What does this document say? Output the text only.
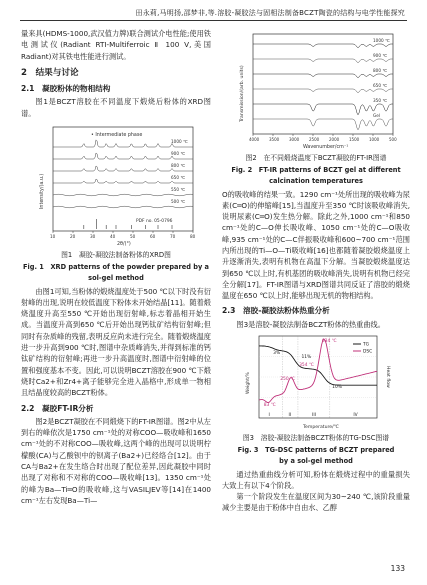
田永莉,马明扬,邵梦非,等.溶胶-凝胶法与固相法制备BCZT陶瓷的结构与电学性能探究

量来具(HDMS-1000,武汉值力牌)联合测试介电性能;使用铁电测试仪(Radiant RTI-Multiferroic Ⅱ 100 V,美国Radiant)对其铁电性能进行测试。

2　结果与讨论
2.1　凝胶粉体的物相结构

图1是BCZT溶胶在不同温度下煅烧后粉体的XRD图谱。

• Intermediate phase
1000 ℃
900 ℃
800 ℃
650 ℃
550 ℃
500 ℃
PDF no. 05-0796
Intensity/(a.u.)
2θ/(°)
10	20	30	40	50	60	70	80
图1　凝胶-凝胶法制备粉体的XRD图
Fig. 1　XRD patterns of the powder prepared by a
sol-gel method

由图1可知,当粉体的煅烧温度处于500 ℃以下时没有衍射峰的出现,说明在较低温度下粉体未开始结晶[11]。随着煅烧温度升高至550 ℃开始出现衍射峰,标志着晶相开始生成。当温度升高到650 ℃后开始出现钙钛矿结构衍射峰;但同时有杂质峰的残留,表明反应尚未进行完全。随着煅烧温度进一步升高到900 ℃时,图谱中杂质峰消失,并得到标准的钙钛矿结构的衍射峰;再进一步升高温度时,图谱中衍射峰的位置和强度基本不变。因此,可以说明BCZT溶胶在900 ℃下煅烧时Ca2+和Zr4+离子能够完全进入晶格中,形成单一物相且结晶度较高的BCZT粉体。

2.2　凝胶FT-IR分析

图2是BCZT凝胶在不同煅烧下的FT-IR图谱。图2中从左到右的峰依次是1750 cm⁻¹处的对称COO—吸收峰和1650 cm⁻¹处的不对称COO—吸收峰,这两个峰的出现可以说明柠檬酸(CA)与乙酸钡中的钡离子(Ba2+)已经络合[12]。由于CA与Ba2+在发生络合时出现了配位差异,因此凝胶中同时出现了对称和不对称的COO—吸收峰[13]。1350 cm⁻¹处的峰为Ba—Ti═O的吸收峰,这与VASILJEV等[14]在1400 cm⁻¹左右发现Ba—Ti—

1000 ℃
900 ℃
800 ℃
650 ℃
350 ℃
Gel
Transmission/(arb. units)
Wavenumber/cm⁻¹
4000 3500 3000 2500 2000 1500 1000 500
图2　在不同煅烧温度下BCZT凝胶的FT-IR图谱
Fig. 2　FT-IR patterns of BCZT gel at different
calcination temperatures

O的吸收峰的结果一致。1290 cm⁻¹处所出现的吸收峰为尿素(C═O)的伸缩峰[15],当温度升至350 ℃时该吸收峰消失,说明尿素(C═O)发生热分解。除此之外,1000 cm⁻¹和850 cm⁻¹处的C—O伸长吸收峰、1050 cm⁻¹处的C—O吸收峰,935 cm⁻¹处的C—C伴振吸收峰和600~700 cm⁻¹范围内所出现的Ti—O—Ti吸收峰[16]也都随着凝胶煅烧温度上升逐渐消失,表明有机物在高温下分解。当凝胶煅烧温度达到650 ℃以上时,有机基团的吸收峰消失,说明有机物已经完全分解[17]。FT-IR图谱与XRD图谱共同反证了溶胶的煅烧温度在650 ℃以上时,能够出现无机的物相结构。

2.3　溶胶-凝胶法粉体热重分析

图3是溶胶-凝胶法制备BCZT粉体的热重曲线。

634 ℃
354 ℃
250 ℃
83 ℃
I	II	III	IV
3%
11%
10%
TG
DSC
Weight/%	Heat flow
Temperature/℃
图3　溶胶-凝胶法制备BCZT粉体的TG-DSC图谱
Fig. 3　TG-DSC patterns of BCZT prepared
by a sol-gel method

通过热重曲线分析可知,粉体在煅烧过程中的重量损失大致上有以下4个阶段。

第一个阶段发生在温度区间为30~240 ℃,该阶段重量减少主要是由于粉体中自由水、乙醇

133
